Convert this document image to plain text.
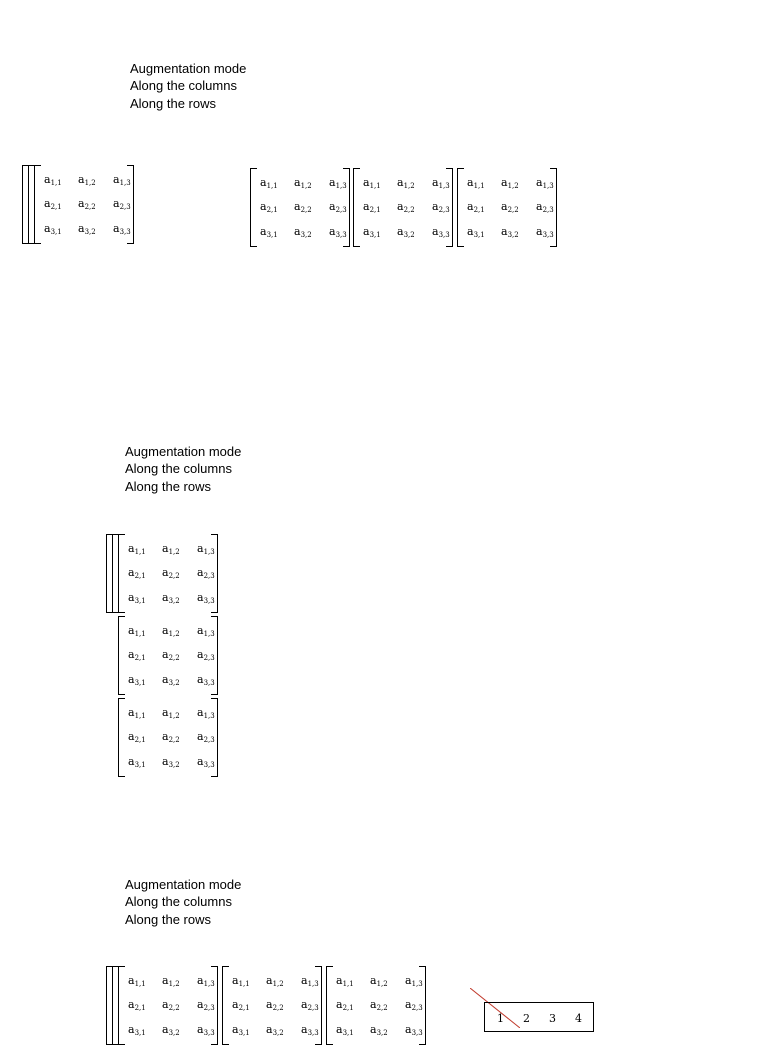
Augmentation mode
Along the columns
Along the rows
Augmentation mode
Along the columns
Along the rows
Augmentation mode
Along the columns
Along the rows
$a_{1,1}$ $a_{1,2}$ $a_{1,3}$
$a_{2,1}$ $a_{2,2}$ $a_{2,3}$
$a_{3,1}$ $a_{3,2}$ $a_{3,3}$
$a_{1,1}$ $a_{1,2}$ $a_{1,3}$
$a_{2,1}$ $a_{2,2}$ $a_{2,3}$
$a_{3,1}$ $a_{3,2}$ $a_{3,3}$
$a_{1,1}$ $a_{1,2}$ $a_{1,3}$
$a_{2,1}$ $a_{2,2}$ $a_{2,3}$
$a_{3,1}$ $a_{3,2}$ $a_{3,3}$
$a_{1,1}$ $a_{1,2}$ $a_{1,3}$
$a_{2,1}$ $a_{2,2}$ $a_{2,3}$
$a_{3,1}$ $a_{3,2}$ $a_{3,3}$
$a_{1,1}$ $a_{1,2}$ $a_{1,3}$
$a_{2,1}$ $a_{2,2}$ $a_{2,3}$
$a_{3,1}$ $a_{3,2}$ $a_{3,3}$
$a_{1,1}$ $a_{1,2}$ $a_{1,3}$
$a_{2,1}$ $a_{2,2}$ $a_{2,3}$
$a_{3,1}$ $a_{3,2}$ $a_{3,3}$
$a_{1,1}$ $a_{1,2}$ $a_{1,3}$
$a_{2,1}$ $a_{2,2}$ $a_{2,3}$
$a_{3,1}$ $a_{3,2}$ $a_{3,3}$
$a_{1,1}$ $a_{1,2}$ $a_{1,3}$
$a_{2,1}$ $a_{2,2}$ $a_{2,3}$
$a_{3,1}$ $a_{3,2}$ $a_{3,3}$
$a_{1,1}$ $a_{1,2}$ $a_{1,3}$
$a_{2,1}$ $a_{2,2}$ $a_{2,3}$
$a_{3,1}$ $a_{3,2}$ $a_{3,3}$
$a_{1,1}$ $a_{1,2}$ $a_{1,3}$
$a_{2,1}$ $a_{2,2}$ $a_{2,3}$
$a_{3,1}$ $a_{3,2}$ $a_{3,3}$
1 2 3 4
